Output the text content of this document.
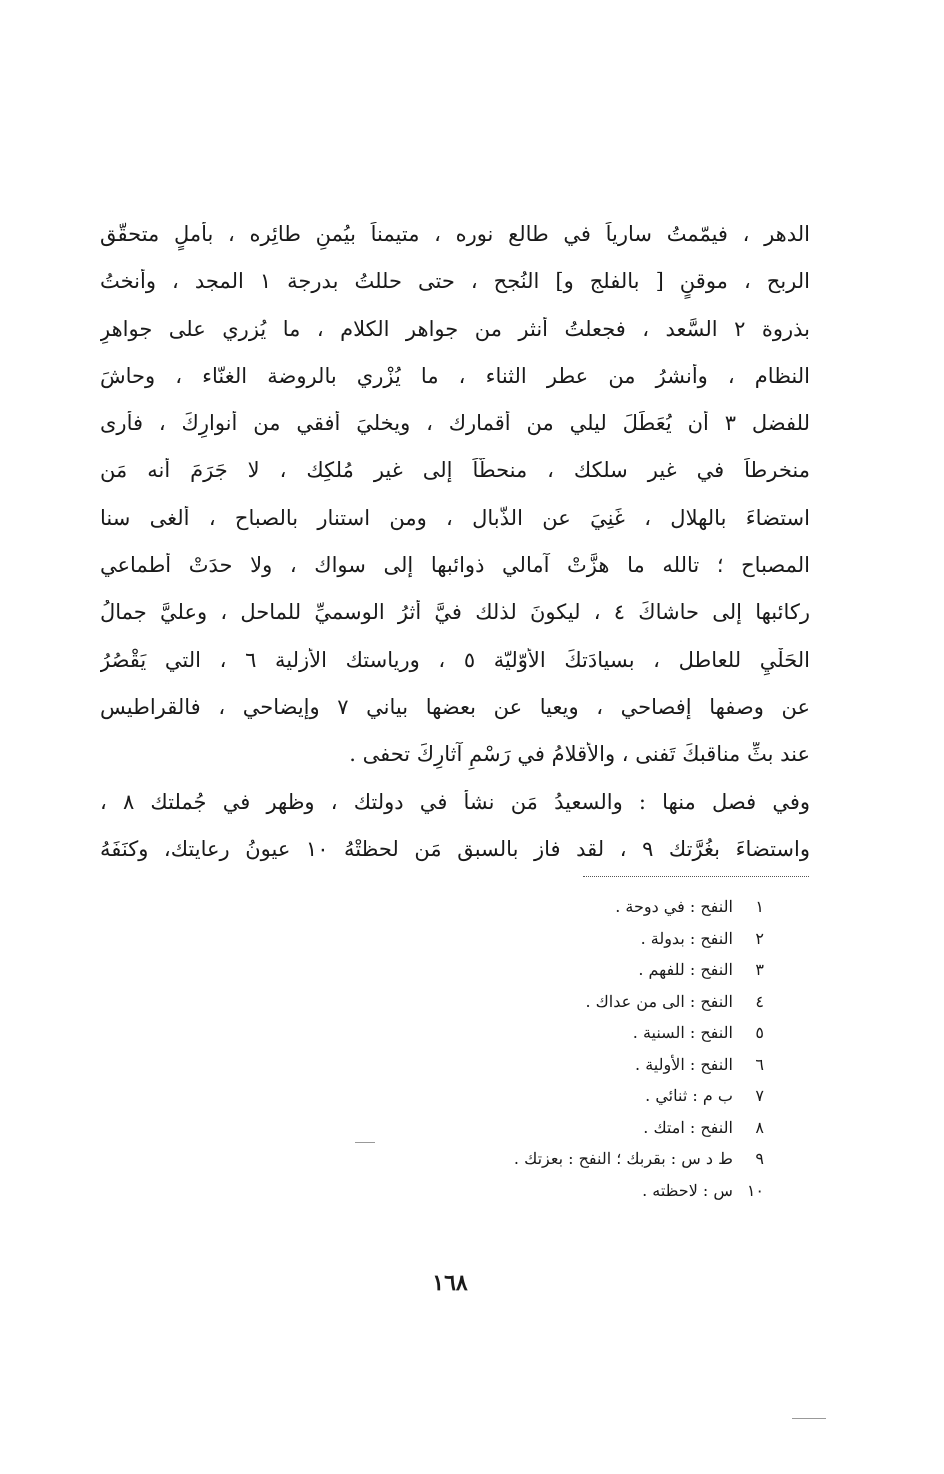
الدهر ، فيمّمتُ سارياً في طالع نوره ، متيمناً بيُمنِ طائِره ، بأملٍ متحقّق
الربح ، موقنٍ [ بالفلج و] النُجح ، حتى حللتُ بدرجة ١ المجد ، وأنختُ
بذروة ٢ السَّعد ، فجعلتُ أنثر من جواهر الكلام ، ما يُزري على جواهرِ
النظام ، وأنشرُ من عطر الثناء ، ما يُزْري بالروضة الغنّاء ، وحاشَ
للفضل ٣ أن يُعَطِّلَ ليلي من أقمارك ، ويخليَ أُفقي من أنوارِكَ ، فأُرى
منخرطاً في غير سلكك ، منحطّاً إلى غير مُلكِك ، لا جَرَمَ أنه مَن
استضاءَ بالهلال ، غَنِيَ عن الذُّبال ، ومن استنار بالصباح ، ألغى سنا
المصباح ؛ تالله ما هزَّتْ آمالي ذوائبها إلى سواك ، ولا حدَتْ أطماعي
ركائبها إلى حاشاكَ ٤ ، ليكونَ لذلك فيَّ أثرُ الوسميِّ للماحل ، وعليَّ جمالُ
الحَلْيِ للعاطل ، بسيادَتكَ الأوّليّة ٥ ، ورياستك الأزلية ٦ ، التي يَقْصُرُ
عن وصفها إفصاحي ، ويعيا عن بعضها بياني ٧ وإيضاحي ، فالقراطيس
عند بثِّ مناقبكَ تَفنى ، والأقلامُ في رَسْمِ آثارِكَ تحفى .
وفي فصل منها : والسعيدُ مَن نشأ في دولتك ، وظهر في جُملتك ٨ ،
واستضاءَ بغُرَّتك ٩ ، لقد فاز بالسبق مَن لحظتْهُ ١٠ عيونُ رعايتك، وكنَفَهُ
١ النفح : في دوحة .
٢ النفح : بدولة .
٣ النفح : للفهم .
٤ النفح : الى من عداك .
٥ النفح : السنية .
٦ النفح : الأولية .
٧ ب م : ثنائي .
٨ النفح : امتك .
٩ ط د س : بقربك ؛ النفح : بعزتك .
١٠ س : لاحظته .
١٦٨
